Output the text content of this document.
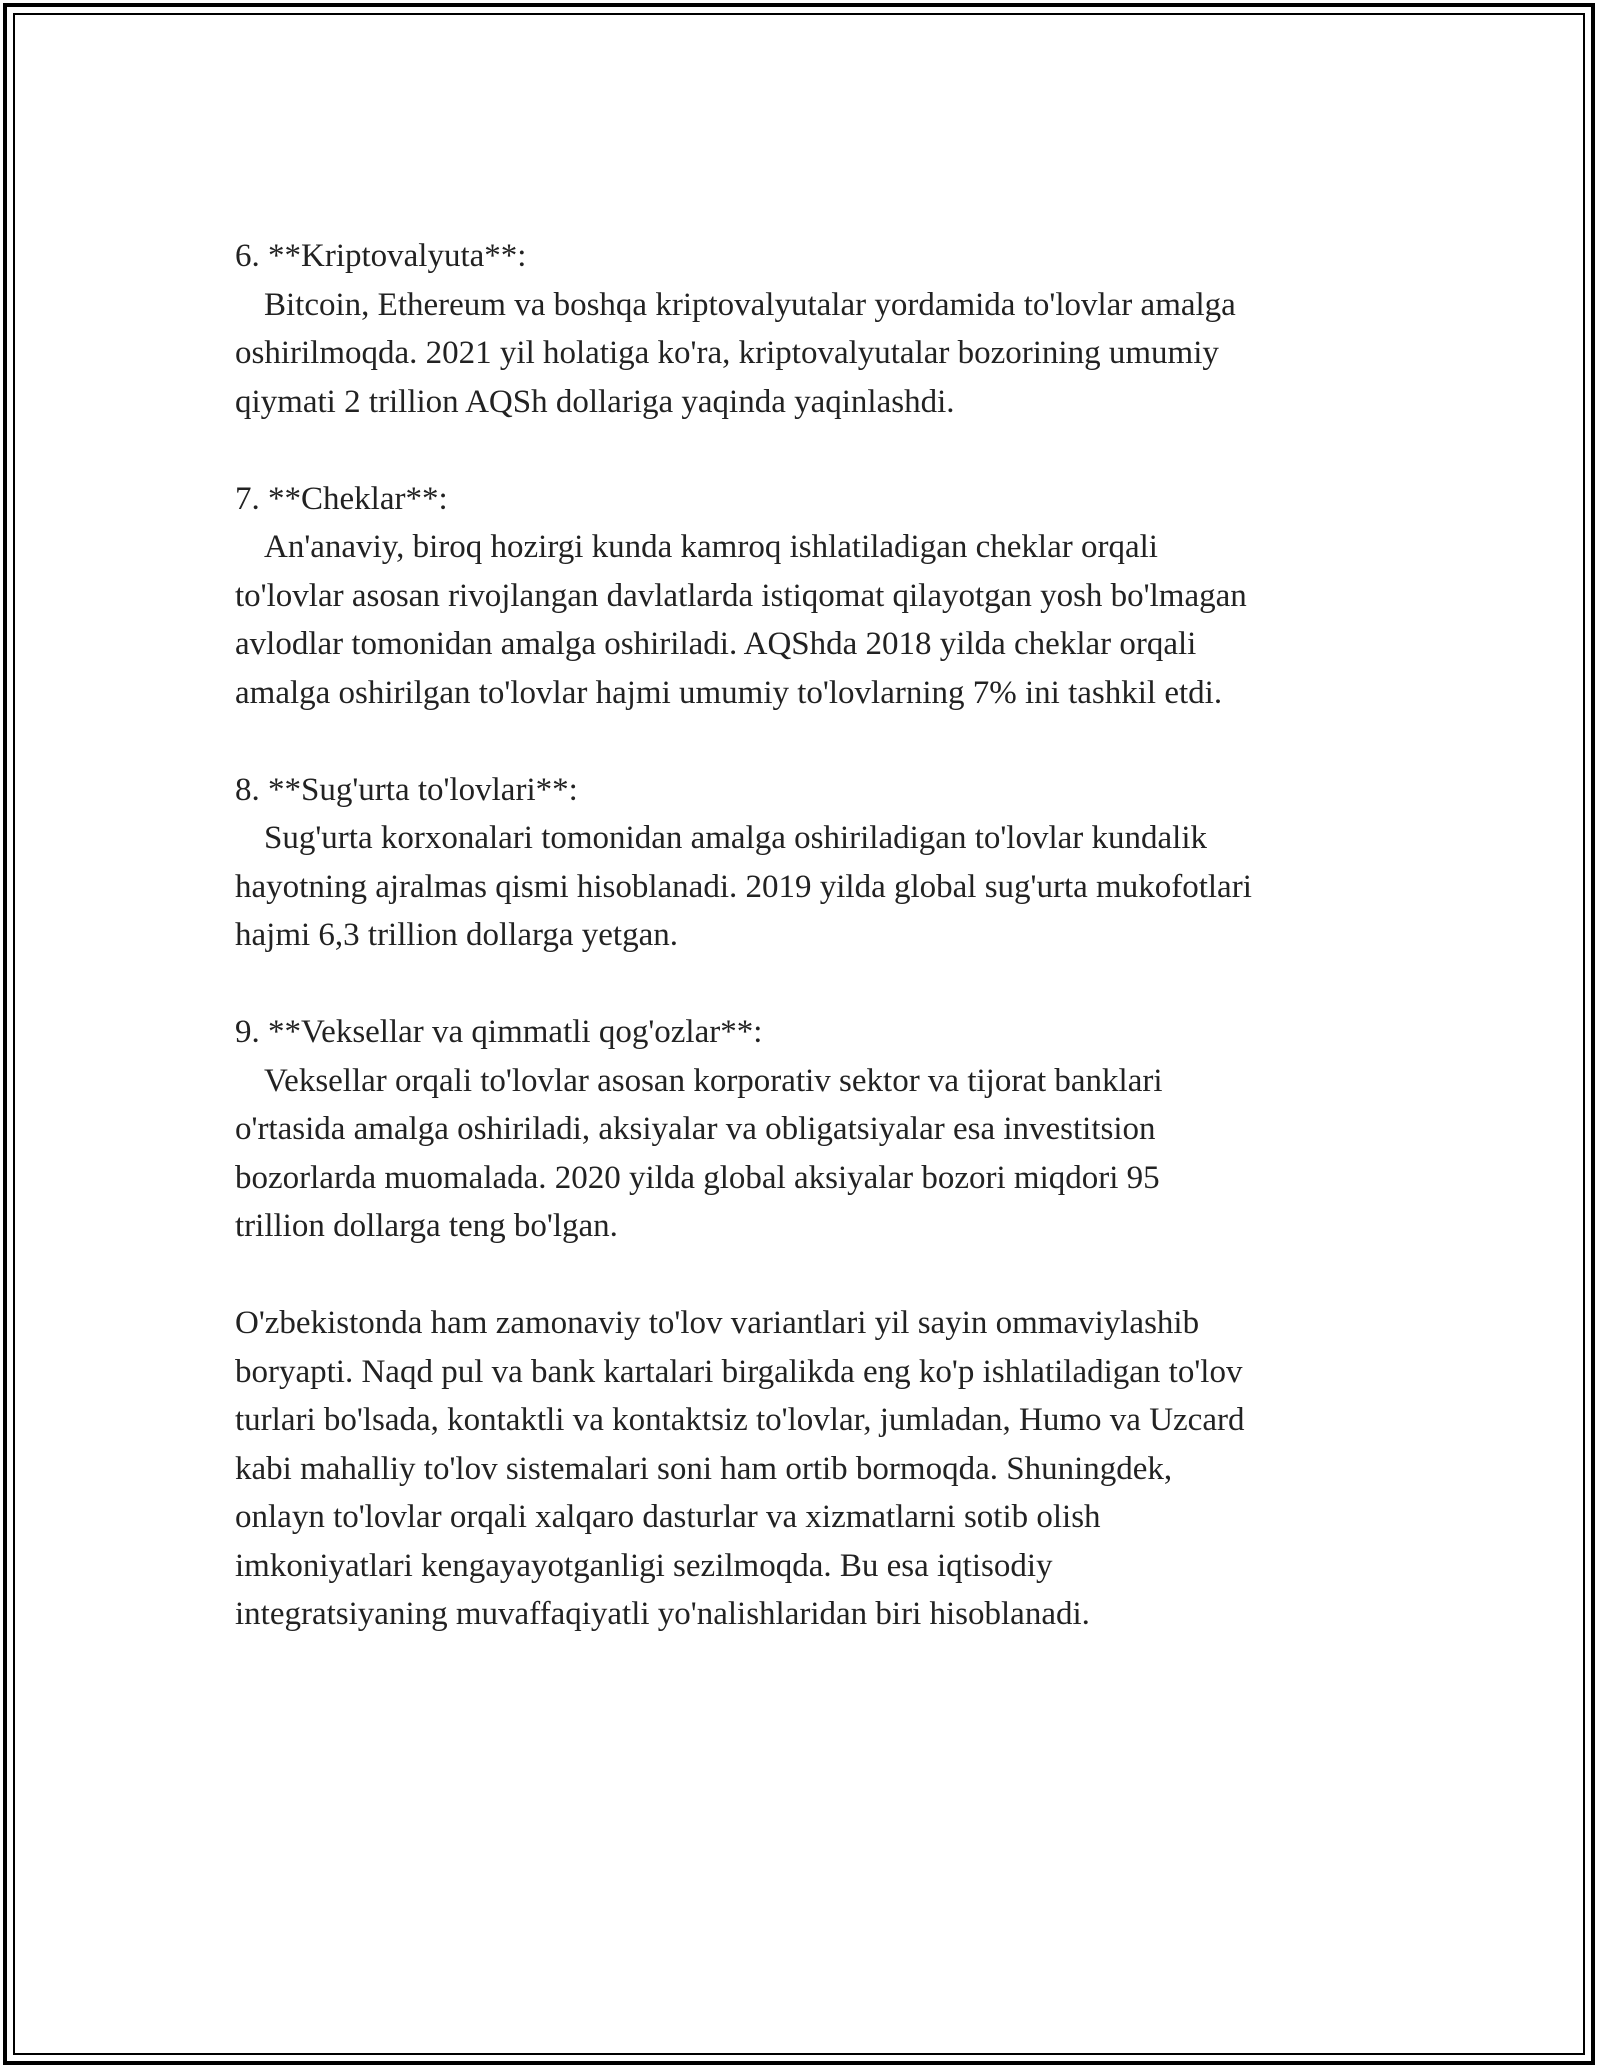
6. **Kriptovalyuta**:
Bitcoin, Ethereum va boshqa kriptovalyutalar yordamida to'lovlar amalga
oshirilmoqda. 2021 yil holatiga ko'ra, kriptovalyutalar bozorining umumiy
qiymati 2 trillion AQSh dollariga yaqinda yaqinlashdi.
7. **Cheklar**:
An'anaviy, biroq hozirgi kunda kamroq ishlatiladigan cheklar orqali
to'lovlar asosan rivojlangan davlatlarda istiqomat qilayotgan yosh bo'lmagan
avlodlar tomonidan amalga oshiriladi. AQShda 2018 yilda cheklar orqali
amalga oshirilgan to'lovlar hajmi umumiy to'lovlarning 7% ini tashkil etdi.
8. **Sug'urta to'lovlari**:
Sug'urta korxonalari tomonidan amalga oshiriladigan to'lovlar kundalik
hayotning ajralmas qismi hisoblanadi. 2019 yilda global sug'urta mukofotlari
hajmi 6,3 trillion dollarga yetgan.
9. **Veksellar va qimmatli qog'ozlar**:
Veksellar orqali to'lovlar asosan korporativ sektor va tijorat banklari
o'rtasida amalga oshiriladi, aksiyalar va obligatsiyalar esa investitsion
bozorlarda muomalada. 2020 yilda global aksiyalar bozori miqdori 95
trillion dollarga teng bo'lgan.
O'zbekistonda ham zamonaviy to'lov variantlari yil sayin ommaviylashib
boryapti. Naqd pul va bank kartalari birgalikda eng ko'p ishlatiladigan to'lov
turlari bo'lsada, kontaktli va kontaktsiz to'lovlar, jumladan, Humo va Uzcard
kabi mahalliy to'lov sistemalari soni ham ortib bormoqda. Shuningdek,
onlayn to'lovlar orqali xalqaro dasturlar va xizmatlarni sotib olish
imkoniyatlari kengayayotganligi sezilmoqda. Bu esa iqtisodiy
integratsiyaning muvaffaqiyatli yo'nalishlaridan biri hisoblanadi.
